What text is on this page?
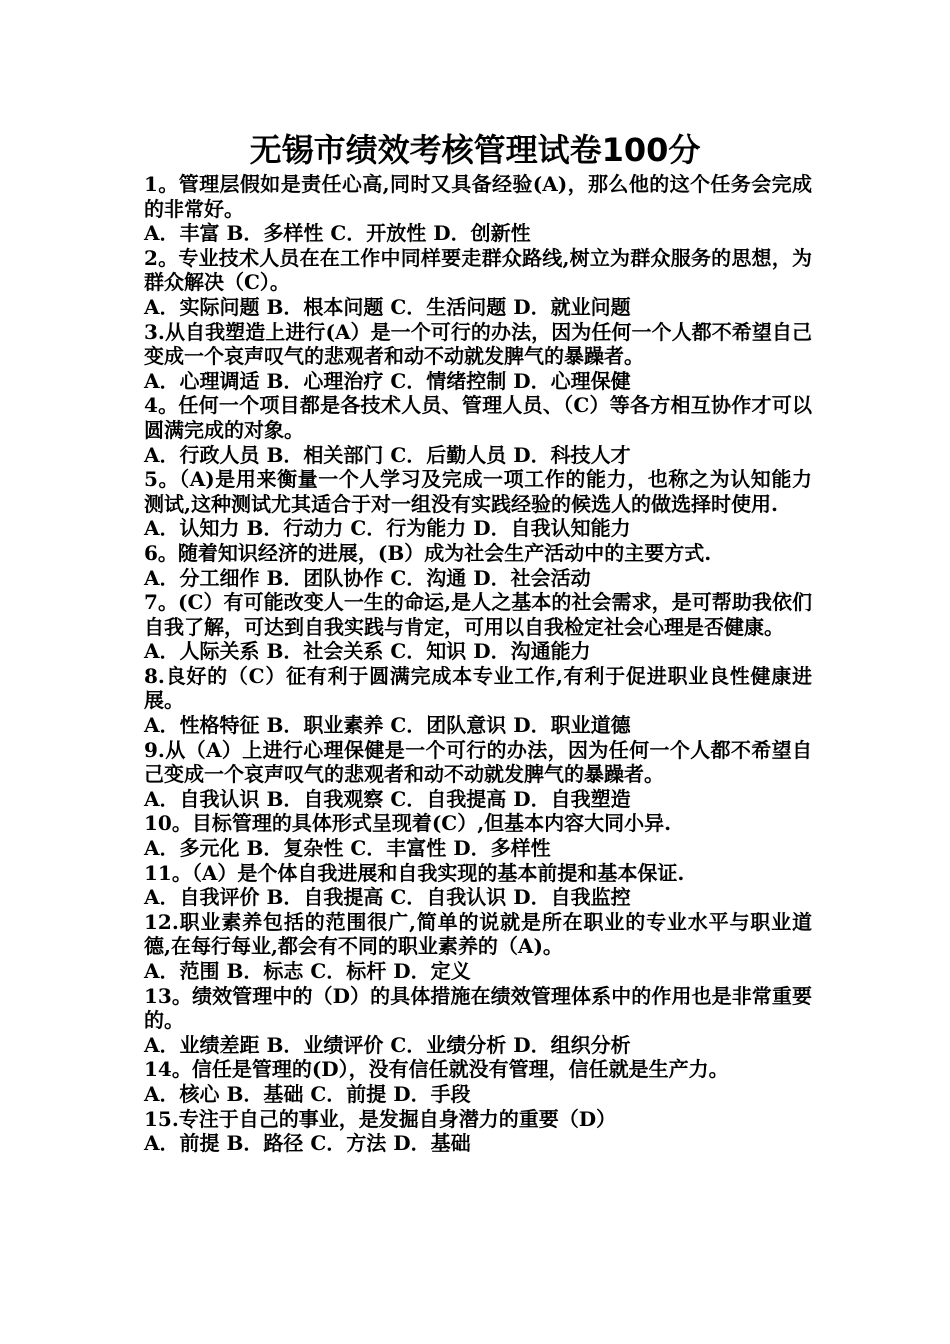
无锡市绩效考核管理试卷100分

1。管理层假如是责任心高,同时又具备经验(A)，那么他的这个任务会完成的非常好。

A．丰富 B．多样性 C．开放性 D．创新性

2。专业技术人员在在工作中同样要走群众路线,树立为群众服务的思想，为群众解决（C）。

A．实际问题 B．根本问题 C．生活问题 D．就业问题

3.从自我塑造上进行(A）是一个可行的办法，因为任何一个人都不希望自己变成一个哀声叹气的悲观者和动不动就发脾气的暴躁者。

A．心理调适 B．心理治疗 C．情绪控制 D．心理保健

4。任何一个项目都是各技术人员、管理人员、（C）等各方相互协作才可以圆满完成的对象。

A．行政人员 B．相关部门 C．后勤人员 D．科技人才

5。（A)是用来衡量一个人学习及完成一项工作的能力，也称之为认知能力测试,这种测试尤其适合于对一组没有实践经验的候选人的做选择时使用.

A．认知力 B．行动力 C．行为能力 D．自我认知能力

6。随着知识经济的进展，(B）成为社会生产活动中的主要方式.

A．分工细作 B．团队协作 C．沟通 D．社会活动

7。(C）有可能改变人一生的命运,是人之基本的社会需求，是可帮助我依们自我了解，可达到自我实践与肯定，可用以自我检定社会心理是否健康。

A．人际关系 B．社会关系 C．知识 D．沟通能力

8.良好的（C）征有利于圆满完成本专业工作,有利于促进职业良性健康进展。

A．性格特征 B．职业素养 C．团队意识 D．职业道德

9.从（A）上进行心理保健是一个可行的办法，因为任何一个人都不希望自己变成一个哀声叹气的悲观者和动不动就发脾气的暴躁者。

A．自我认识 B．自我观察 C．自我提高 D．自我塑造

10。目标管理的具体形式呈现着(C）,但基本内容大同小异.

A．多元化 B．复杂性 C．丰富性 D．多样性

11。（A）是个体自我进展和自我实现的基本前提和基本保证.

A．自我评价 B．自我提高 C．自我认识 D．自我监控

12.职业素养包括的范围很广,简单的说就是所在职业的专业水平与职业道德,在每行每业,都会有不同的职业素养的（A)。

A．范围 B．标志 C．标杆 D．定义

13。绩效管理中的（D）的具体措施在绩效管理体系中的作用也是非常重要的。

A．业绩差距 B．业绩评价 C．业绩分析 D．组织分析

14。信任是管理的(D），没有信任就没有管理，信任就是生产力。

A．核心 B．基础 C．前提 D．手段

15.专注于自己的事业，是发掘自身潜力的重要（D）

A．前提 B．路径 C．方法 D．基础
